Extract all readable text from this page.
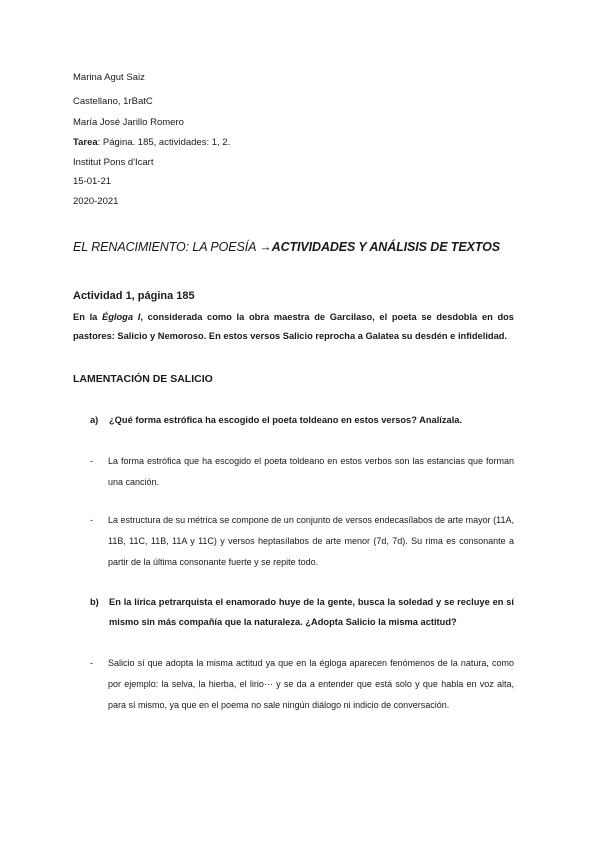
Marina Agut Saiz
Castellano, 1rBatC
María José Jarillo Romero
Tarea: Página. 185, actividades: 1, 2.
Institut Pons d'Icart
15-01-21
2020-2021
EL RENACIMIENTO: LA POESÍA →ACTIVIDADES Y ANÁLISIS DE TEXTOS
Actividad 1, página 185
En la Égloga I, considerada como la obra maestra de Garcilaso, el poeta se desdobla en dos pastores: Salicio y Nemoroso. En estos versos Salicio reprocha a Galatea su desdén e infidelidad.
LAMENTACIÓN DE SALICIO
a) ¿Qué forma estrófica ha escogido el poeta toldeano en estos versos? Analízala.
- La forma estrófica que ha escogido el poeta toldeano en estos verbos son las estancias que forman una canción.
- La estructura de su métrica se compone de un conjunto de versos endecasílabos de arte mayor (11A, 11B, 11C, 11B, 11A y 11C) y versos heptasílabos de arte menor (7d, 7d). Su rima es consonante a partir de la última consonante fuerte y se repite todo.
b) En la lírica petrarquista el enamorado huye de la gente, busca la soledad y se recluye en sí mismo sin más compañía que la naturaleza. ¿Adopta Salicio la misma actitud?
- Salicio sí que adopta la misma actitud ya que en la égloga aparecen fenómenos de la natura, como por ejemplo: la selva, la hierba, el lirio··· y se da a entender que está solo y que habla en voz alta, para sí mismo, ya que en el poema no sale ningún diálogo ni indicio de conversación.
